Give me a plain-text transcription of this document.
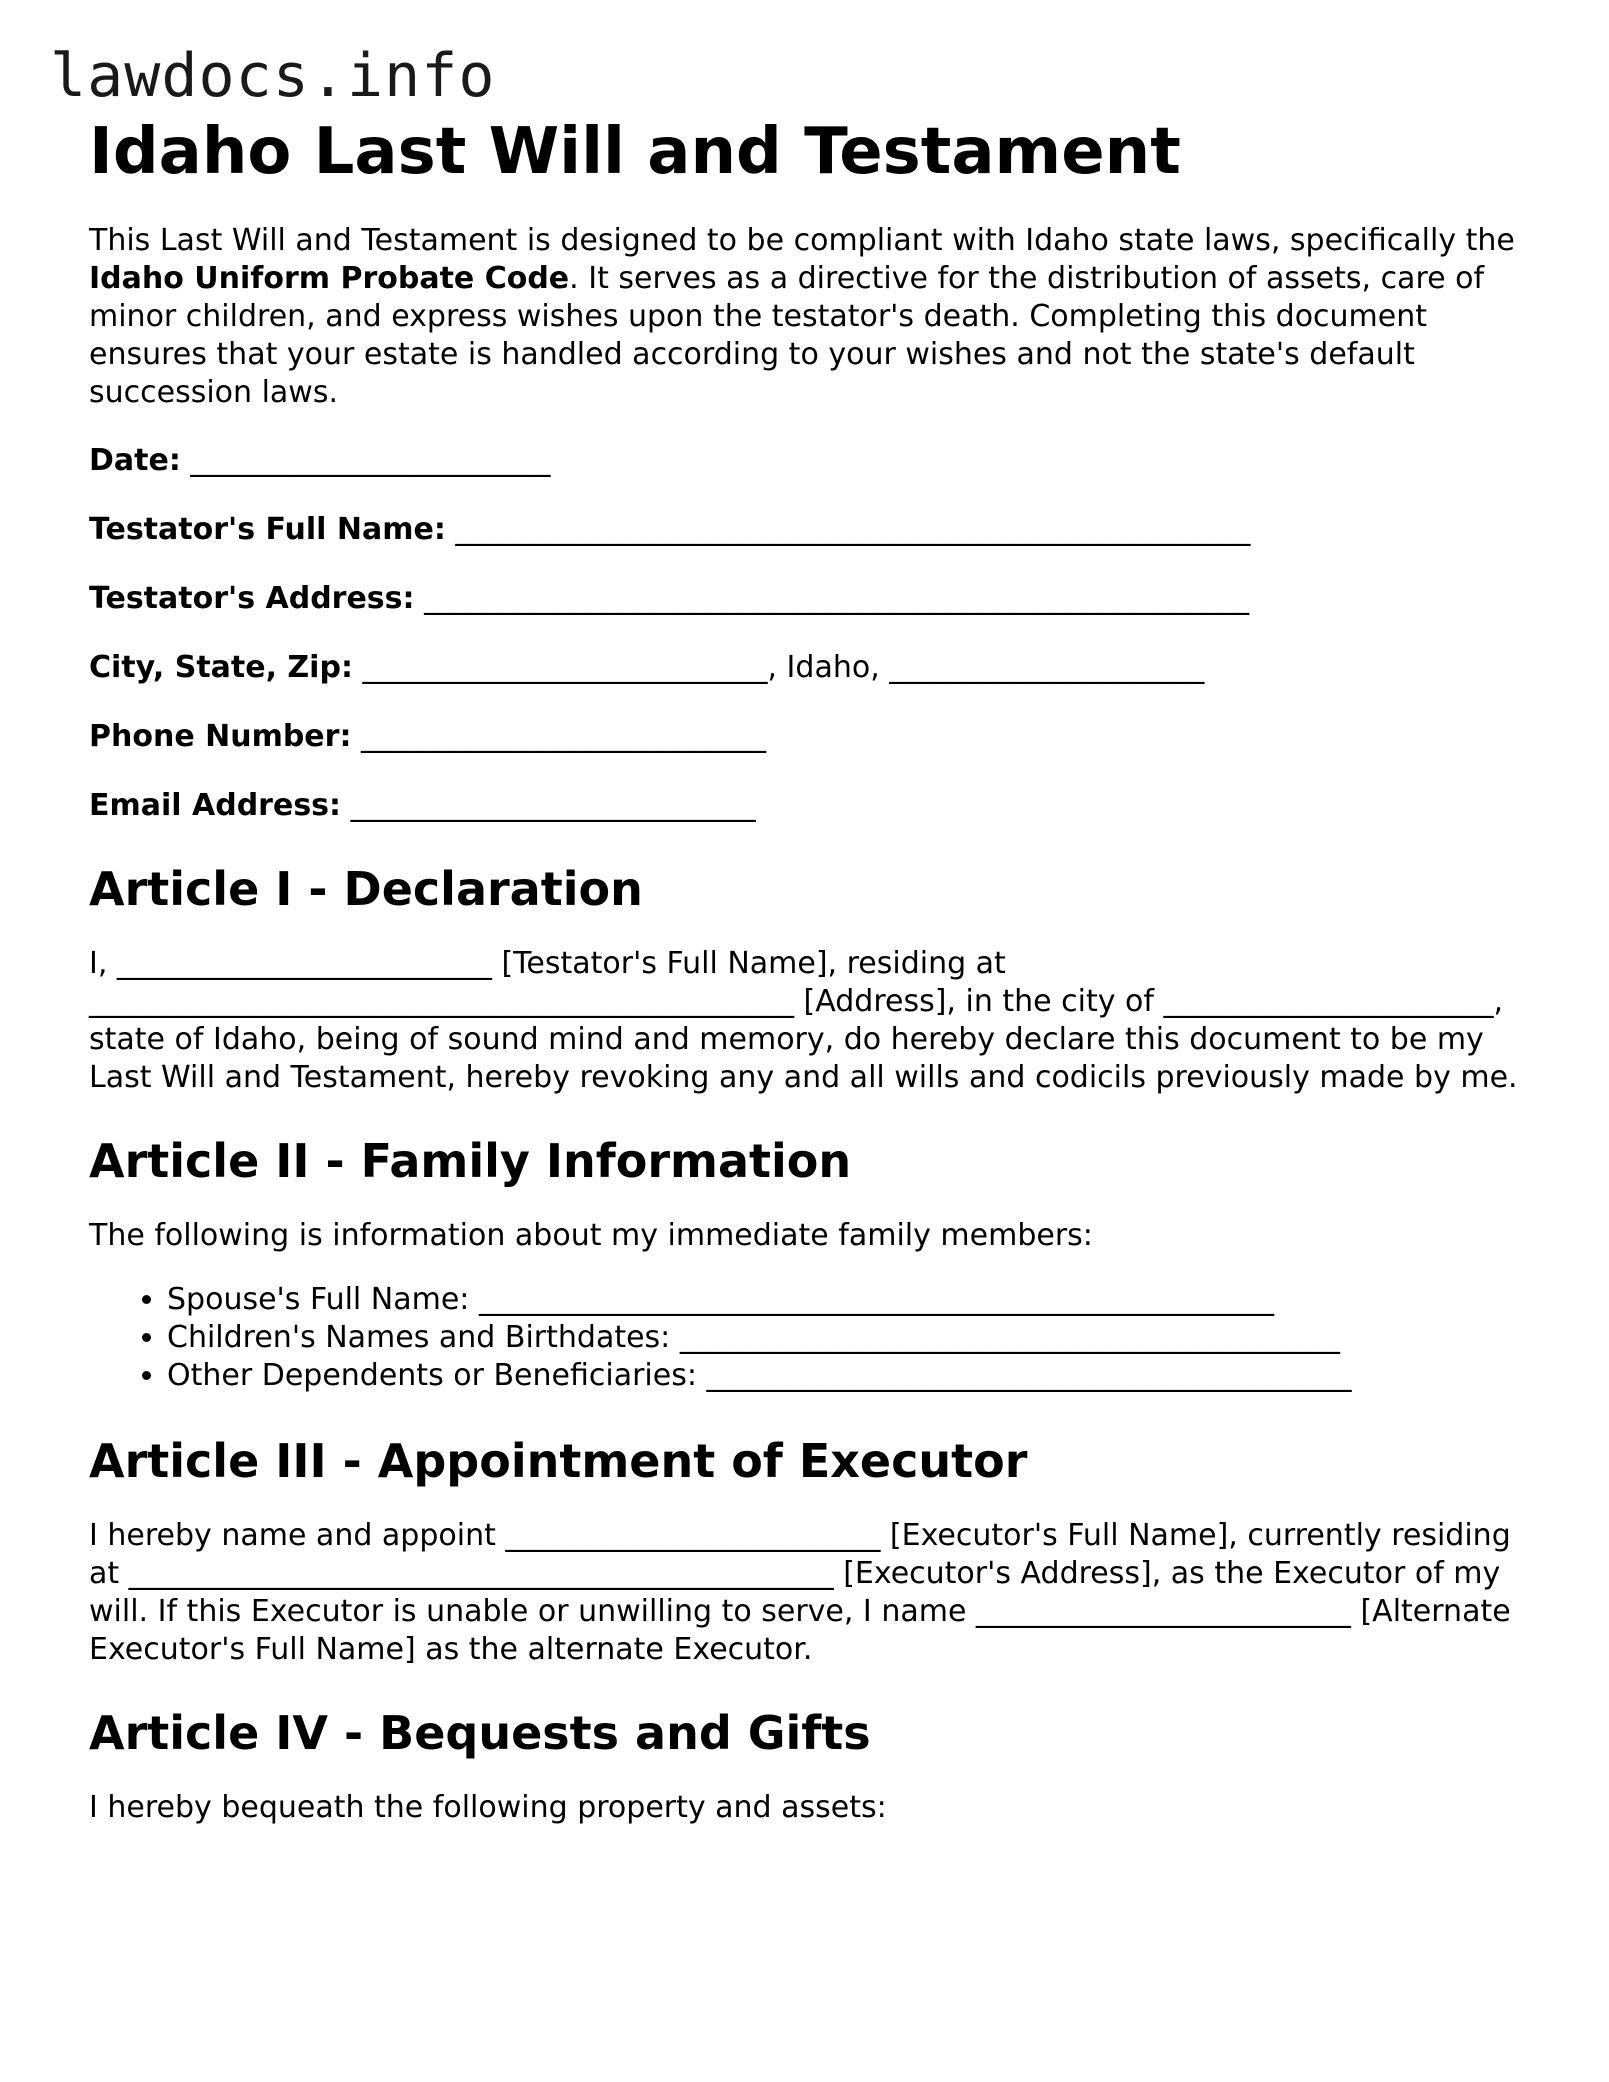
lawdocs.info
Idaho Last Will and Testament

This Last Will and Testament is designed to be compliant with Idaho state laws, specifically the Idaho Uniform Probate Code. It serves as a directive for the distribution of assets, care of minor children, and express wishes upon the testator's death. Completing this document ensures that your estate is handled according to your wishes and not the state's default succession laws.

Date: ________________________

Testator's Full Name: _____________________________________________________

Testator's Address: _______________________________________________________

City, State, Zip: ___________________________, Idaho, _____________________

Phone Number: ___________________________

Email Address: ___________________________

Article I - Declaration

I, _________________________ [Testator's Full Name], residing at _______________________________________________ [Address], in the city of ______________________, state of Idaho, being of sound mind and memory, do hereby declare this document to be my Last Will and Testament, hereby revoking any and all wills and codicils previously made by me.

Article II - Family Information

The following is information about my immediate family members:

• Spouse's Full Name: _____________________________________________________
• Children's Names and Birthdates: ____________________________________________
• Other Dependents or Beneficiaries: ___________________________________________
Article III - Appointment of Executor

I hereby name and appoint _________________________ [Executor's Full Name], currently residing at _______________________________________________ [Executor's Address], as the Executor of my will. If this Executor is unable or unwilling to serve, I name _________________________ [Alternate Executor's Full Name] as the alternate Executor.

Article IV - Bequests and Gifts

I hereby bequeath the following property and assets:
